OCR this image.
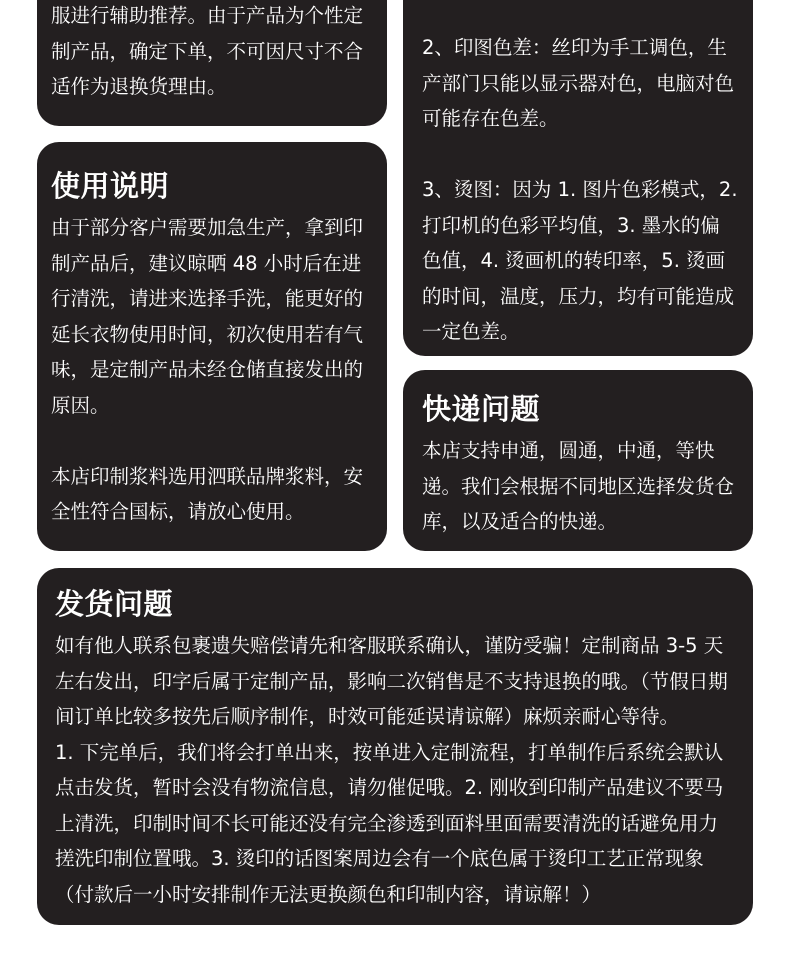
服进行辅助推荐。由于产品为个性定制产品，确定下单，不可因尺寸不合适作为退换货理由。

2、印图色差：丝印为手工调色，生产部门只能以显示器对色，电脑对色可能存在色差。

3、烫图：因为 1. 图片色彩模式，2. 打印机的色彩平均值，3. 墨水的偏色值，4. 烫画机的转印率，5. 烫画的时间，温度，压力，均有可能造成一定色差。

使用说明

由于部分客户需要加急生产，拿到印制产品后，建议晾晒 48 小时后在进行清洗，请进来选择手洗，能更好的延长衣物使用时间，初次使用若有气味，是定制产品未经仓储直接发出的原因。

本店印制浆料选用泗联品牌浆料，安全性符合国标，请放心使用。

快递问题

本店支持申通，圆通，中通，等快递。我们会根据不同地区选择发货仓库，以及适合的快递。

发货问题

如有他人联系包裹遗失赔偿请先和客服联系确认，谨防受骗！定制商品 3-5 天左右发出，印字后属于定制产品，影响二次销售是不支持退换的哦。（节假日期间订单比较多按先后顺序制作，时效可能延误请谅解）麻烦亲耐心等待。

1. 下完单后，我们将会打单出来，按单进入定制流程，打单制作后系统会默认点击发货，暂时会没有物流信息，请勿催促哦。2. 刚收到印制产品建议不要马上清洗，印制时间不长可能还没有完全渗透到面料里面需要清洗的话避免用力搓洗印制位置哦。3. 烫印的话图案周边会有一个底色属于烫印工艺正常现象（付款后一小时安排制作无法更换颜色和印制内容，请谅解！）
